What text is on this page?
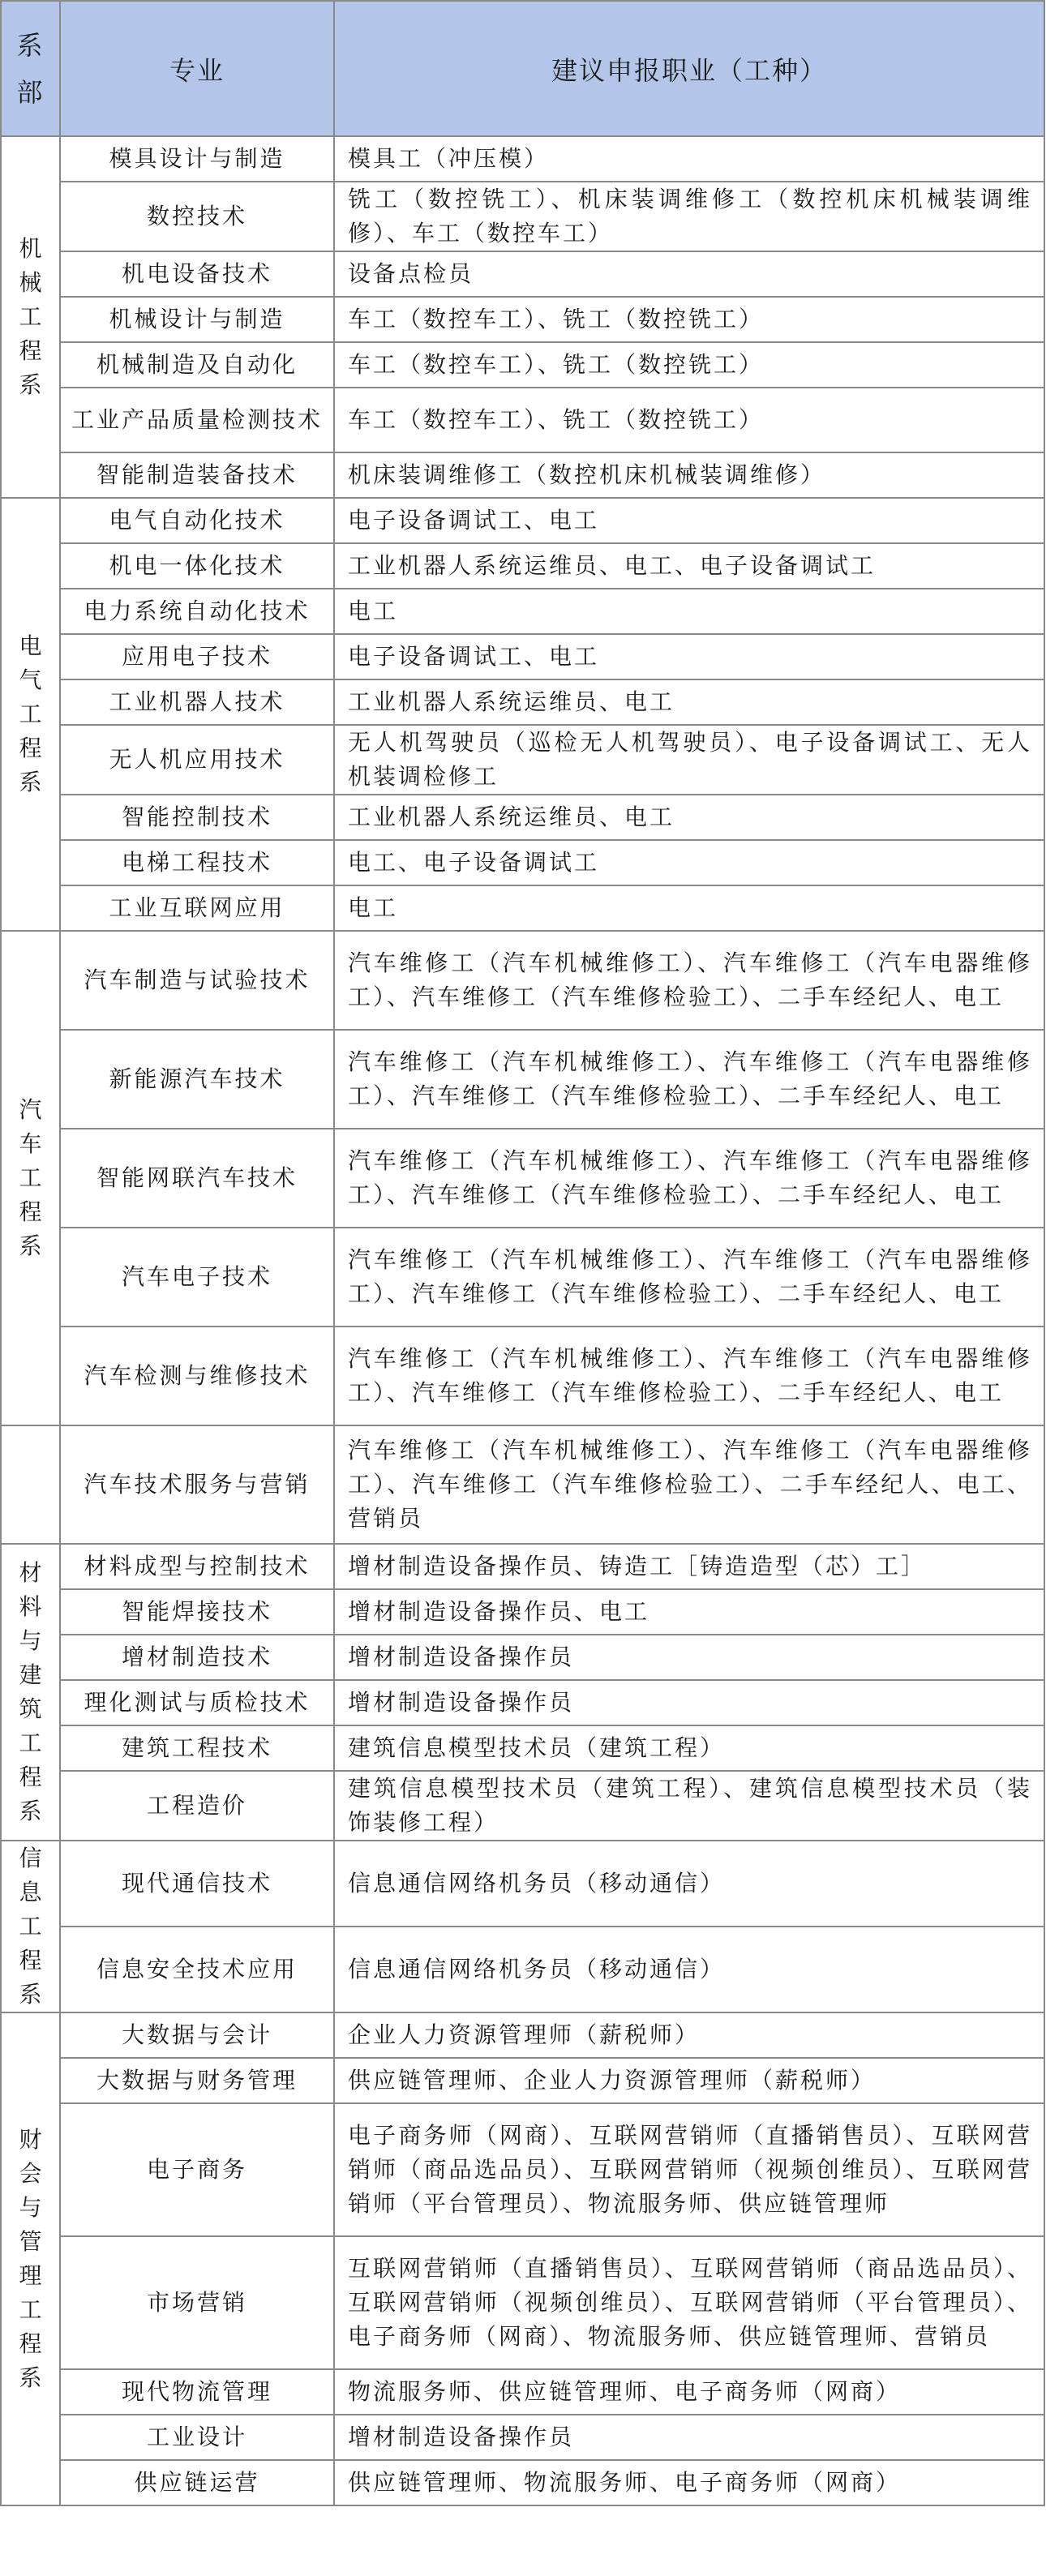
系部	专业	建议申报职业（工种）
机械工程系	模具设计与制造	模具工（冲压模）
	数控技术	铣工（数控铣工）、机床装调维修工（数控机床机械装调维修）、车工（数控车工）
	机电设备技术	设备点检员
	机械设计与制造	车工（数控车工）、铣工（数控铣工）
	机械制造及自动化	车工（数控车工）、铣工（数控铣工）
	工业产品质量检测技术	车工（数控车工）、铣工（数控铣工）
	智能制造装备技术	机床装调维修工（数控机床机械装调维修）
电气工程系	电气自动化技术	电子设备调试工、电工
	机电一体化技术	工业机器人系统运维员、电工、电子设备调试工
	电力系统自动化技术	电工
	应用电子技术	电子设备调试工、电工
	工业机器人技术	工业机器人系统运维员、电工
	无人机应用技术	无人机驾驶员（巡检无人机驾驶员）、电子设备调试工、无人机装调检修工
	智能控制技术	工业机器人系统运维员、电工
	电梯工程技术	电工、电子设备调试工
	工业互联网应用	电工
汽车工程系	汽车制造与试验技术	汽车维修工（汽车机械维修工）、汽车维修工（汽车电器维修工）、汽车维修工（汽车维修检验工）、二手车经纪人、电工
	新能源汽车技术	汽车维修工（汽车机械维修工）、汽车维修工（汽车电器维修工）、汽车维修工（汽车维修检验工）、二手车经纪人、电工
	智能网联汽车技术	汽车维修工（汽车机械维修工）、汽车维修工（汽车电器维修工）、汽车维修工（汽车维修检验工）、二手车经纪人、电工
	汽车电子技术	汽车维修工（汽车机械维修工）、汽车维修工（汽车电器维修工）、汽车维修工（汽车维修检验工）、二手车经纪人、电工
	汽车检测与维修技术	汽车维修工（汽车机械维修工）、汽车维修工（汽车电器维修工）、汽车维修工（汽车维修检验工）、二手车经纪人、电工
	汽车技术服务与营销	汽车维修工（汽车机械维修工）、汽车维修工（汽车电器维修工）、汽车维修工（汽车维修检验工）、二手车经纪人、电工、营销员
材料与建筑工程系	材料成型与控制技术	增材制造设备操作员、铸造工［铸造造型（芯）工］
	智能焊接技术	增材制造设备操作员、电工
	增材制造技术	增材制造设备操作员
	理化测试与质检技术	增材制造设备操作员
	建筑工程技术	建筑信息模型技术员（建筑工程）
	工程造价	建筑信息模型技术员（建筑工程）、建筑信息模型技术员（装饰装修工程）
信息工程系	现代通信技术	信息通信网络机务员（移动通信）
	信息安全技术应用	信息通信网络机务员（移动通信）
财会与管理工程系	大数据与会计	企业人力资源管理师（薪税师）
	大数据与财务管理	供应链管理师、企业人力资源管理师（薪税师）
	电子商务	电子商务师（网商）、互联网营销师（直播销售员）、互联网营销师（商品选品员）、互联网营销师（视频创维员）、互联网营销师（平台管理员）、物流服务师、供应链管理师
	市场营销	互联网营销师（直播销售员）、互联网营销师（商品选品员）、互联网营销师（视频创维员）、互联网营销师（平台管理员）、电子商务师（网商）、物流服务师、供应链管理师、营销员
	现代物流管理	物流服务师、供应链管理师、电子商务师（网商）
	工业设计	增材制造设备操作员
	供应链运营	供应链管理师、物流服务师、电子商务师（网商）
